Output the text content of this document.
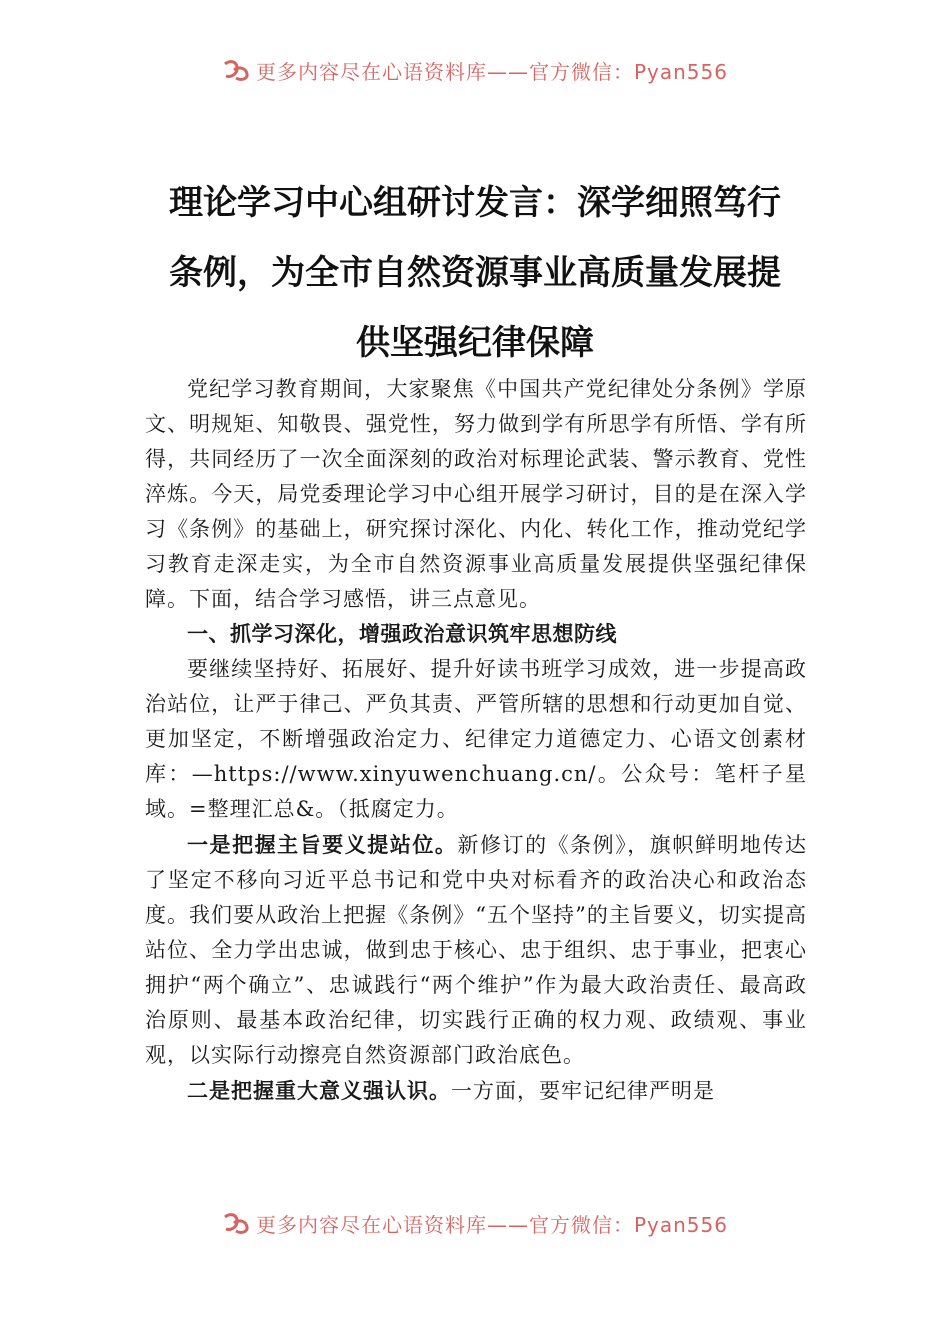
更多内容尽在心语资料库——官方微信：Pyan556
理论学习中心组研讨发言：深学细照笃行
条例，为全市自然资源事业高质量发展提
供坚强纪律保障

党纪学习教育期间，大家聚焦《中国共产党纪律处分条例》学原文、明规矩、知敬畏、强党性，努力做到学有所思学有所悟、学有所得，共同经历了一次全面深刻的政治对标理论武装、警示教育、党性淬炼。今天，局党委理论学习中心组开展学习研讨，目的是在深入学习《条例》的基础上，研究探讨深化、内化、转化工作，推动党纪学习教育走深走实，为全市自然资源事业高质量发展提供坚强纪律保障。下面，结合学习感悟，讲三点意见。

一、抓学习深化，增强政治意识筑牢思想防线

要继续坚持好、拓展好、提升好读书班学习成效，进一步提高政治站位，让严于律己、严负其责、严管所辖的思想和行动更加自觉、更加坚定，不断增强政治定力、纪律定力道德定力、心语文创素材库：—https://www.xinyuwenchuang.cn/。公众号：笔杆子星域。=整理汇总&。（抵腐定力。

一是把握主旨要义提站位。新修订的《条例》，旗帜鲜明地传达了坚定不移向习近平总书记和党中央对标看齐的政治决心和政治态度。我们要从政治上把握《条例》“五个坚持”的主旨要义，切实提高站位、全力学出忠诚，做到忠于核心、忠于组织、忠于事业，把衷心拥护“两个确立”、忠诚践行“两个维护”作为最大政治责任、最高政治原则、最基本政治纪律，切实践行正确的权力观、政绩观、事业观，以实际行动擦亮自然资源部门政治底色。

二是把握重大意义强认识。一方面，要牢记纪律严明是

更多内容尽在心语资料库——官方微信：Pyan556
